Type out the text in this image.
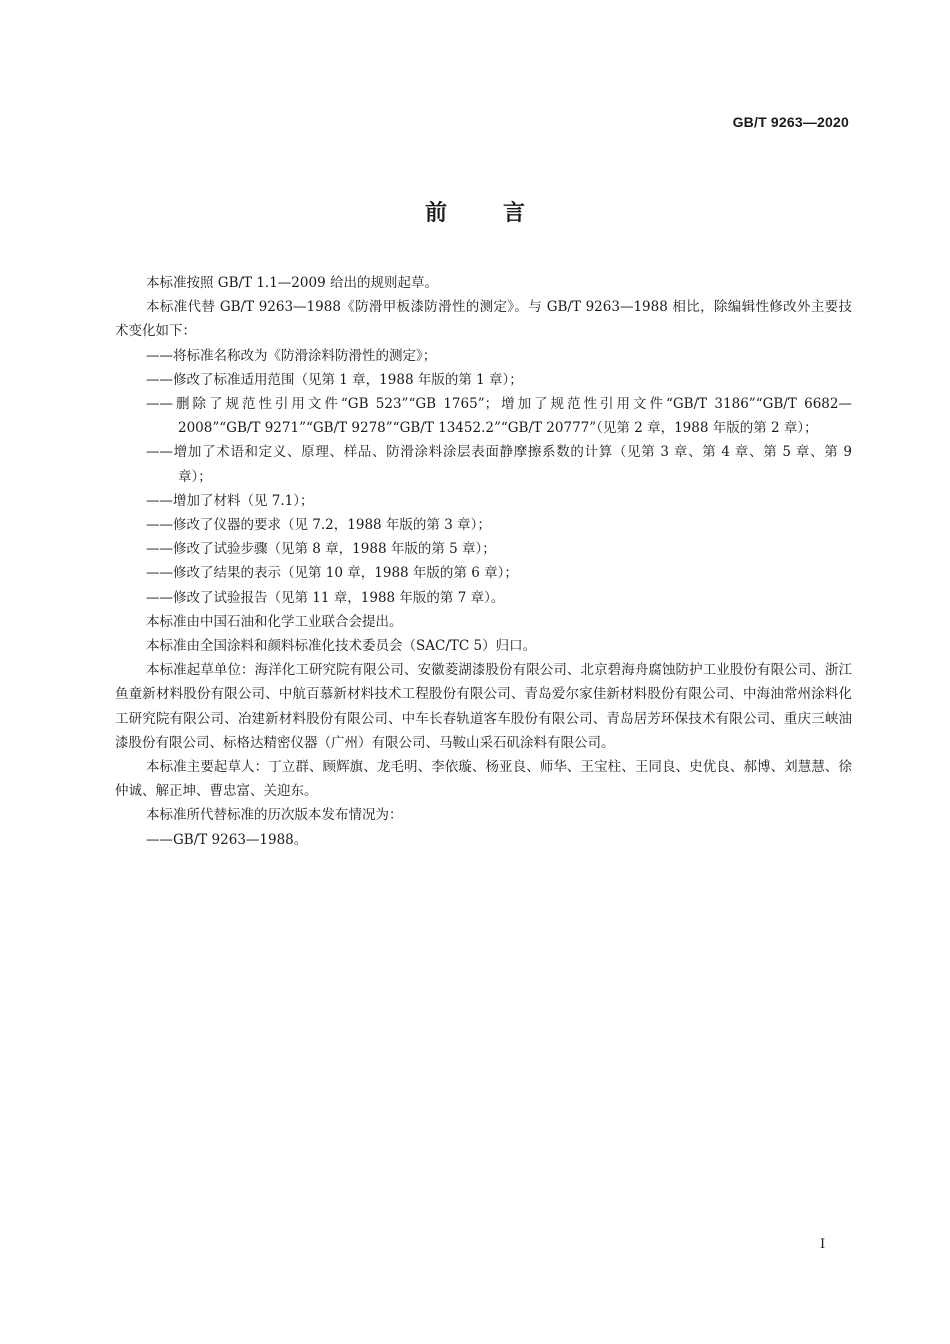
GB/T 9263—2020
前言

本标准按照 GB/T 1.1—2009 给出的规则起草。

本标准代替 GB/T 9263—1988《防滑甲板漆防滑性的测定》。与 GB/T 9263—1988 相比，除编辑性修改外主要技术变化如下：

——将标准名称改为《防滑涂料防滑性的测定》；

——修改了标准适用范围（见第 1 章，1988 年版的第 1 章）；

——删除了规范性引用文件“GB 523”“GB 1765”；增加了规范性引用文件“GB/T 3186”“GB/T 6682—2008”“GB/T 9271”“GB/T 9278”“GB/T 13452.2”“GB/T 20777”（见第 2 章，1988 年版的第 2 章）；

——增加了术语和定义、原理、样品、防滑涂料涂层表面静摩擦系数的计算（见第 3 章、第 4 章、第 5 章、第 9 章）；

——增加了材料（见 7.1）；

——修改了仪器的要求（见 7.2，1988 年版的第 3 章）；

——修改了试验步骤（见第 8 章，1988 年版的第 5 章）；

——修改了结果的表示（见第 10 章，1988 年版的第 6 章）；

——修改了试验报告（见第 11 章，1988 年版的第 7 章）。

本标准由中国石油和化学工业联合会提出。

本标准由全国涂料和颜料标准化技术委员会（SAC/TC 5）归口。

本标准起草单位：海洋化工研究院有限公司、安徽菱湖漆股份有限公司、北京碧海舟腐蚀防护工业股份有限公司、浙江鱼童新材料股份有限公司、中航百慕新材料技术工程股份有限公司、青岛爱尔家佳新材料股份有限公司、中海油常州涂料化工研究院有限公司、冶建新材料股份有限公司、中车长春轨道客车股份有限公司、青岛居芳环保技术有限公司、重庆三峡油漆股份有限公司、标格达精密仪器（广州）有限公司、马鞍山采石矶涂料有限公司。

本标准主要起草人：丁立群、顾辉旗、龙毛明、李依璇、杨亚良、师华、王宝柱、王同良、史优良、郝博、刘慧慧、徐仲诚、解正坤、曹忠富、关迎东。

本标准所代替标准的历次版本发布情况为：

——GB/T 9263—1988。

I
